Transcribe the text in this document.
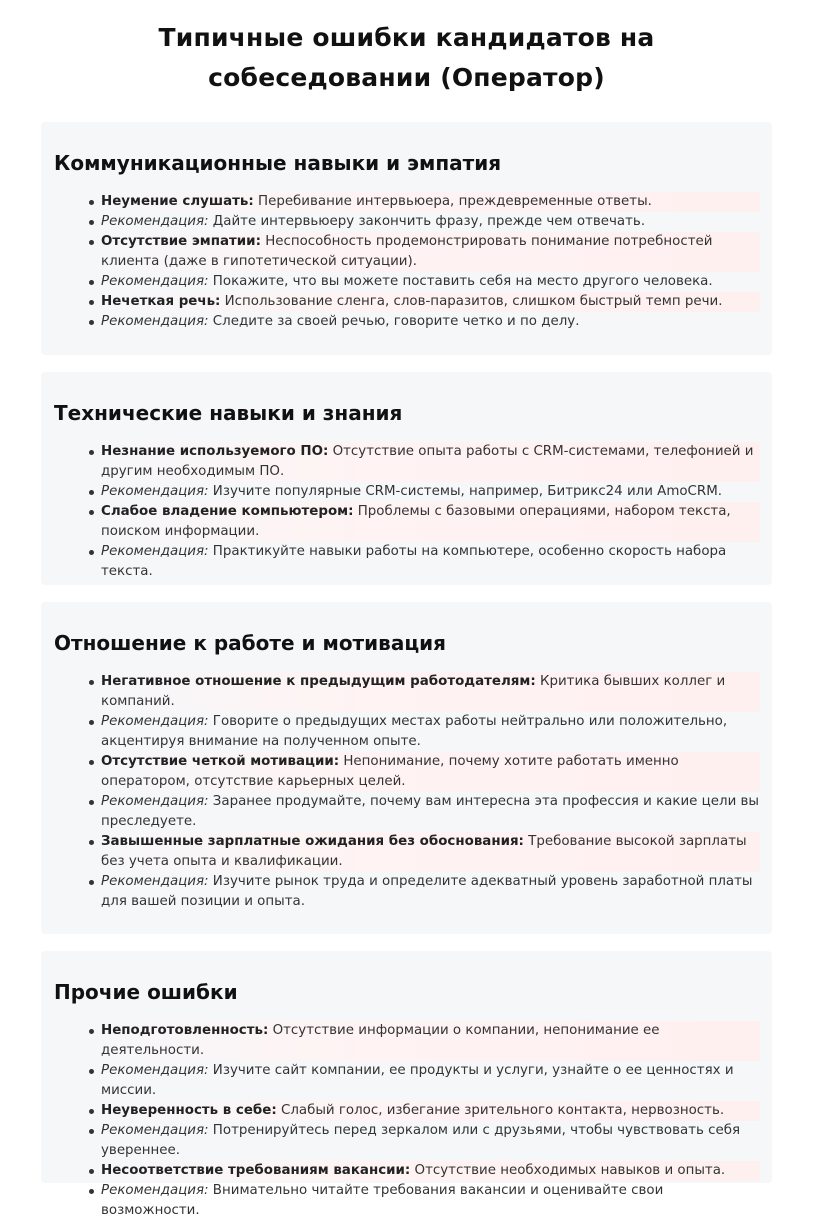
Типичные ошибки кандидатов на
собеседовании (Оператор)
Коммуникационные навыки и эмпатия
Неумение слушать: Перебивание интервьюера, преждевременные ответы.
Рекомендация: Дайте интервьюеру закончить фразу, прежде чем отвечать.
Отсутствие эмпатии: Неспособность продемонстрировать понимание потребностей клиента (даже в гипотетической ситуации).
Рекомендация: Покажите, что вы можете поставить себя на место другого человека.
Нечеткая речь: Использование сленга, слов-паразитов, слишком быстрый темп речи.
Рекомендация: Следите за своей речью, говорите четко и по делу.
Технические навыки и знания
Незнание используемого ПО: Отсутствие опыта работы с CRM-системами, телефонией и другим необходимым ПО.
Рекомендация: Изучите популярные CRM-системы, например, Битрикс24 или AmoCRM.
Слабое владение компьютером: Проблемы с базовыми операциями, набором текста, поиском информации.
Рекомендация: Практикуйте навыки работы на компьютере, особенно скорость набора текста.
Отношение к работе и мотивация
Негативное отношение к предыдущим работодателям: Критика бывших коллег и компаний.
Рекомендация: Говорите о предыдущих местах работы нейтрально или положительно, акцентируя внимание на полученном опыте.
Отсутствие четкой мотивации: Непонимание, почему хотите работать именно оператором, отсутствие карьерных целей.
Рекомендация: Заранее продумайте, почему вам интересна эта профессия и какие цели вы преследуете.
Завышенные зарплатные ожидания без обоснования: Требование высокой зарплаты без учета опыта и квалификации.
Рекомендация: Изучите рынок труда и определите адекватный уровень заработной платы для вашей позиции и опыта.
Прочие ошибки
Неподготовленность: Отсутствие информации о компании, непонимание ее деятельности.
Рекомендация: Изучите сайт компании, ее продукты и услуги, узнайте о ее ценностях и миссии.
Неуверенность в себе: Слабый голос, избегание зрительного контакта, нервозность.
Рекомендация: Потренируйтесь перед зеркалом или с друзьями, чтобы чувствовать себя увереннее.
Несоответствие требованиям вакансии: Отсутствие необходимых навыков и опыта.
Рекомендация: Внимательно читайте требования вакансии и оценивайте свои возможности.
